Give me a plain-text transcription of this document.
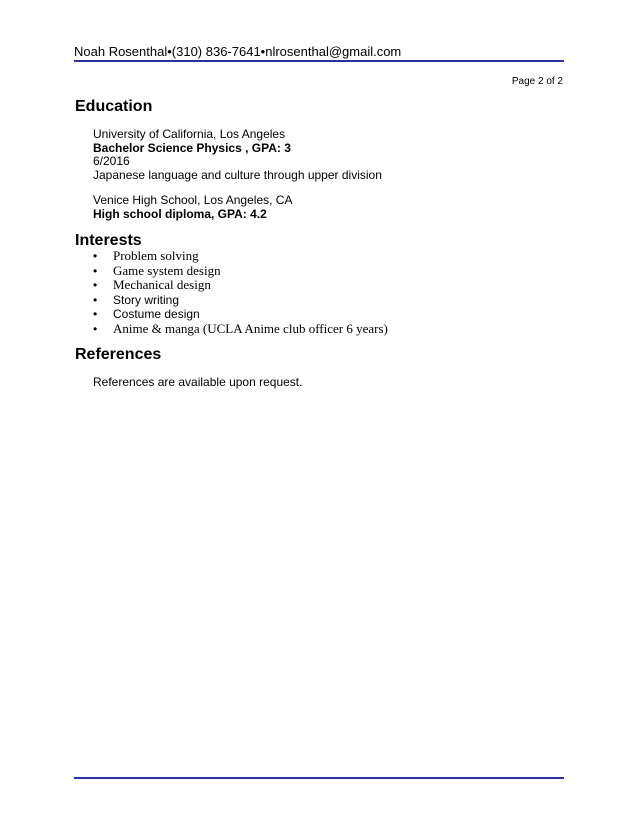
Noah Rosenthal•(310) 836-7641•nlrosenthal@gmail.com
Page 2 of 2
Education
University of California, Los Angeles
Bachelor Science Physics , GPA: 3
6/2016
Japanese language and culture through upper division
Venice High School, Los Angeles, CA
High school diploma, GPA: 4.2
Interests
• Problem solving
• Game system design
• Mechanical design
• Story writing
• Costume design
• Anime & manga (UCLA Anime club officer 6 years)
References
References are available upon request.
